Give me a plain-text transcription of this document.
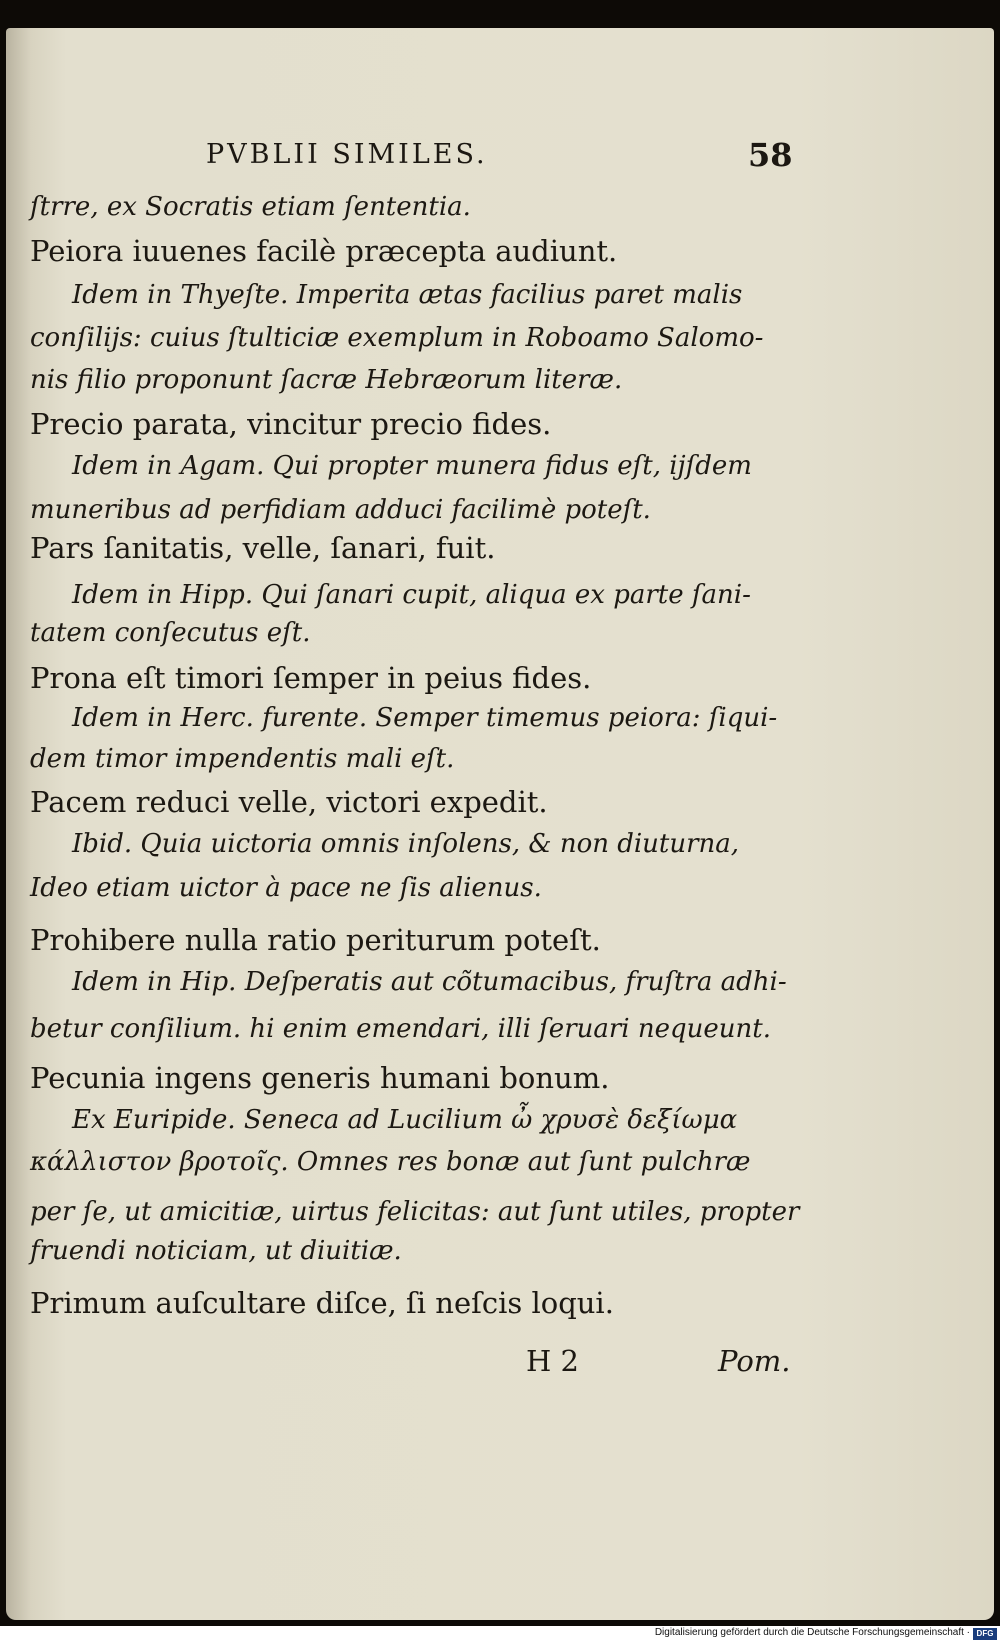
PVBLII SIMILES.	58
ſtrre, ex Socratis etiam ſententia.
Peiora iuuenes facilè præcepta audiunt.
Idem in Thyeſte. Imperita ætas facilius paret malis
conſilijs: cuius ſtulticiæ exemplum in Roboamo Salomo-
nis filio proponunt ſacræ Hebræorum literæ.
Precio parata, vincitur precio fides.
Idem in Agam. Qui propter munera fidus eſt, ijſdem
muneribus ad perfidiam adduci facilimè poteſt.
Pars ſanitatis, velle, ſanari, fuit.
Idem in Hipp. Qui ſanari cupit, aliqua ex parte ſani-
tatem conſecutus eſt.
Prona eſt timori ſemper in peius fides.
Idem in Herc. furente. Semper timemus peiora: ſiqui-
dem timor impendentis mali eſt.
Pacem reduci velle, victori expedit.
Ibid. Quia uictoria omnis inſolens, & non diuturna,
Ideo etiam uictor à pace ne ſis alienus.
Prohibere nulla ratio periturum poteſt.
Idem in Hip. Deſperatis aut cõtumacibus, fruſtra adhi-
betur conſilium. hi enim emendari, illi ſeruari nequeunt.
Pecunia ingens generis humani bonum.
Ex Euripide. Seneca ad Lucilium ὦ χρυσὲ δεξίωμα
κάλλιστον βροτοῖς. Omnes res bonæ aut ſunt pulchræ
per ſe, ut amicitiæ, uirtus felicitas: aut ſunt utiles, propter
fruendi noticiam, ut diuitiæ.
Primum auſcultare diſce, ſi neſcis loqui.
H 2	Pom.
Digitalisierung gefördert durch die Deutsche Forschungsgemeinschaft · DFG
